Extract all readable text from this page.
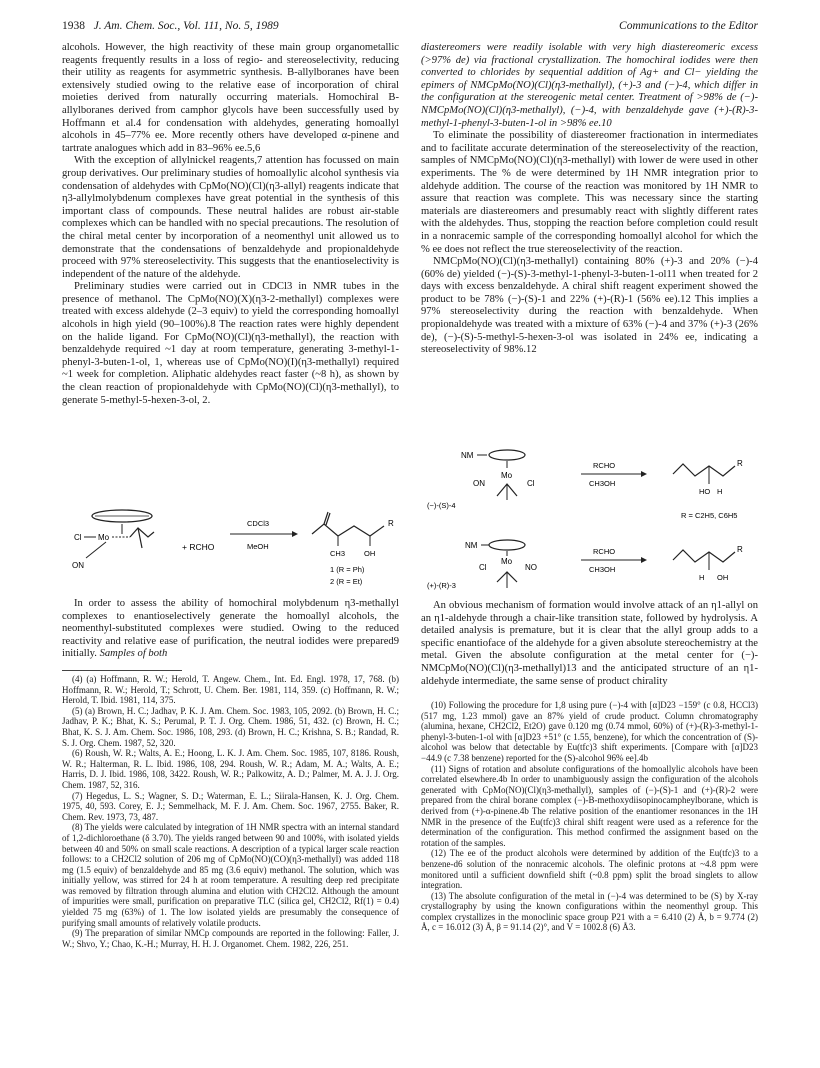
1938 J. Am. Chem. Soc., Vol. 111, No. 5, 1989	Communications to the Editor

alcohols. However, the high reactivity of these main group organometallic reagents frequently results in a loss of regio- and stereoselectivity, reducing their utility as reagents for asymmetric synthesis. B-allylboranes have been extensively studied owing to the relative ease of incorporation of chiral moieties derived from naturally occurring materials. Homochiral B-allylboranes derived from camphor glycols have been successfully used by Hoffmann et al.4 for condensation with aldehydes, generating homoallyl alcohols in 45–77% ee. More recently others have developed α-pinene and tartrate analogues which add in 83–96% ee.5,6

With the exception of allylnickel reagents,7 attention has focussed on main group derivatives. Our preliminary studies of homoallylic alcohol synthesis via condensation of aldehydes with CpMo(NO)(Cl)(η3-allyl) reagents indicate that η3-allylmolybdenum complexes have great potential in the synthesis of this important class of compounds. These neutral halides are robust air-stable complexes which can be handled with no special precautions. The resolution of the chiral metal center by incorporation of a neomenthyl unit allowed us to demonstrate that the condensations of benzaldehyde and propionaldehyde proceed with 97% stereoselectivity. This suggests that the enantioselectivity is independent of the nature of the aldehyde.

Preliminary studies were carried out in CDCl3 in NMR tubes in the presence of methanol. The CpMo(NO)(X)(η3-2-methallyl) complexes were treated with excess aldehyde (2–3 equiv) to yield the corresponding homoallyl alcohols in high yield (90–100%).8 The reaction rates were highly dependent on the halide ligand. For CpMo(NO)(Cl)(η3-methallyl), the reaction with benzaldehyde required ~1 day at room temperature, generating 3-methyl-1-phenyl-3-buten-1-ol, 1, whereas use of CpMo(NO)(I)(η3-methallyl) required ~1 week for completion. Aliphatic aldehydes react faster (~8 h), as shown by the clean reaction of propionaldehyde with CpMo(NO)(Cl)(η3-methallyl), to generate 5-methyl-5-hexen-3-ol, 2.

Cl Mo
ON
+ RCHO
CDCl3
MeOH
R
CH3	OH
1 (R = Ph)
2 (R = Et)

In order to assess the ability of homochiral molybdenum η3-methallyl complexes to enantioselectively generate the homoallyl alcohols, the neomenthyl-substituted complexes were studied. Owing to the reduced reactivity and relative ease of purification, the neutral iodides were prepared9 initially. Samples of both

(4) (a) Hoffmann, R. W.; Herold, T. Angew. Chem., Int. Ed. Engl. 1978, 17, 768. (b) Hoffmann, R. W.; Herold, T.; Schrott, U. Chem. Ber. 1981, 114, 359. (c) Hoffmann, R. W.; Herold, T. Ibid. 1981, 114, 375.

(5) (a) Brown, H. C.; Jadhav, P. K. J. Am. Chem. Soc. 1983, 105, 2092. (b) Brown, H. C.; Jadhav, P. K.; Bhat, K. S.; Perumal, P. T. J. Org. Chem. 1986, 51, 432. (c) Brown, H. C.; Bhat, K. S. J. Am. Chem. Soc. 1986, 108, 293. (d) Brown, H. C.; Krishna, S. B.; Randad, R. S. J. Org. Chem. 1987, 52, 320.

(6) Roush, W. R.; Walts, A. E.; Hoong, L. K. J. Am. Chem. Soc. 1985, 107, 8186. Roush, W. R.; Halterman, R. L. Ibid. 1986, 108, 294. Roush, W. R.; Adam, M. A.; Walts, A. E.; Harris, D. J. Ibid. 1986, 108, 3422. Roush, W. R.; Palkowitz, A. D.; Palmer, M. A. J. J. Org. Chem. 1987, 52, 316.

(7) Hegedus, L. S.; Wagner, S. D.; Waterman, E. L.; Siirala-Hansen, K. J. Org. Chem. 1975, 40, 593. Corey, E. J.; Semmelhack, M. F. J. Am. Chem. Soc. 1967, 2755. Baker, R. Chem. Rev. 1973, 73, 487.

(8) The yields were calculated by integration of 1H NMR spectra with an internal standard of 1,2-dichloroethane (δ 3.70). The yields ranged between 90 and 100%, with isolated yields between 40 and 50% on small scale reactions. A description of a typical larger scale reaction follows: to a CH2Cl2 solution of 206 mg of CpMo(NO)(CO)(η3-methallyl) was added 118 mg (1.5 equiv) of benzaldehyde and 85 mg (3.6 equiv) methanol. The solution, which was initially yellow, was stirred for 24 h at room temperature. A resulting deep red precipitate was removed by filtration through alumina and elution with CH2Cl2. Although the amount of impurities were small, purification on preparative TLC (silica gel, CH2Cl2, Rf(1) = 0.4) yielded 75 mg (63%) of 1. The low isolated yields are presumably the consequence of purifying small amounts of relatively volatile products.

(9) The preparation of similar NMCp compounds are reported in the following: Faller, J. W.; Shvo, Y.; Chao, K.-H.; Murray, H. H. J. Organomet. Chem. 1982, 226, 251.

diastereomers were readily isolable with very high diastereomeric excess (>97% de) via fractional crystallization. The homochiral iodides were then converted to chlorides by sequential addition of Ag+ and Cl− yielding the epimers of NMCpMo(NO)(Cl)(η3-methallyl), (+)-3 and (−)-4, which differ in the configuration at the stereogenic metal center. Treatment of >98% de (−)-NMCpMo(NO)(Cl)(η3-methallyl), (−)-4, with benzaldehyde gave (+)-(R)-3-methyl-1-phenyl-3-buten-1-ol in >98% ee.10

To eliminate the possibility of diastereomer fractionation in intermediates and to facilitate accurate determination of the stereoselectivity of the reaction, samples of NMCpMo(NO)(Cl)(η3-methallyl) with lower de were used in other experiments. The % de were determined by 1H NMR integration prior to aldehyde addition. The course of the reaction was monitored by 1H NMR to assure that reaction was complete. This was necessary since the starting materials are diastereomers and presumably react with slightly different rates with the aldehydes. Thus, stopping the reaction before completion could result in a nonracemic sample of the corresponding homoallyl alcohol for which the % ee does not reflect the true stereoselectivity of the reaction.

NMCpMo(NO)(Cl)(η3-methallyl) containing 80% (+)-3 and 20% (−)-4 (60% de) yielded (−)-(S)-3-methyl-1-phenyl-3-buten-1-ol11 when treated for 2 days with excess benzaldehyde. A chiral shift reagent experiment showed the product to be 78% (−)-(S)-1 and 22% (+)-(R)-1 (56% ee).12 This implies a 97% stereoselectivity during the reaction with benzaldehyde. When propionaldehyde was treated with a mixture of 63% (−)-4 and 37% (+)-3 (26% de), (−)-(S)-5-methyl-5-hexen-3-ol was isolated in 24% ee, indicating a stereoselectivity of 98%.12

NM
Mo
ON	Cl
(−)-(S)-4
RCHO
CH3OH
R
HO H
R = C2H5, C6H5
NM
Mo
Cl	NO
(+)-(R)-3
RCHO
CH3OH
R
H OH

An obvious mechanism of formation would involve attack of an η1-allyl on an η1-aldehyde through a chair-like transition state, followed by hydrolysis. A detailed analysis is premature, but it is clear that the allyl group adds to a specific enantioface of the aldehyde for a given absolute stereochemistry at the metal. Given the absolute configuration at the metal center for (−)-NMCpMo(NO)(Cl)(η3-methallyl)13 and the anticipated structure of an η1-aldehyde intermediate, the same sense of product chirality

(10) Following the procedure for 1,8 using pure (−)-4 with [α]D23 −159° (c 0.8, HCCl3) (517 mg, 1.23 mmol) gave an 87% yield of crude product. Column chromatography (alumina, hexane, CH2Cl2, Et2O) gave 0.120 mg (0.74 mmol, 60%) of (+)-(R)-3-methyl-1-phenyl-3-buten-1-ol with [α]D23 +51° (c 1.55, benzene), for which the concentration of (S)-alcohol was below that detectable by Eu(tfc)3 shift experiments. [Compare with [α]D23 −44.9 (c 7.38 benzene) reported for the (S)-alcohol 96% ee].4b

(11) Signs of rotation and absolute configurations of the homoallylic alcohols have been correlated elsewhere.4b In order to unambiguously assign the configuration of the alcohols generated with CpMo(NO)(Cl)(η3-methallyl), samples of (−)-(S)-1 and (+)-(R)-2 were prepared from the chiral borane complex (−)-B-methoxydiisopinocampheylborane, which is derived from (+)-α-pinene.4b The relative position of the enantiomer resonances in the 1H NMR in the presence of the Eu(tfc)3 chiral shift reagent were used as a reference for the determination of the configuration. This method confirmed the assignment based on the rotation of the samples.

(12) The ee of the product alcohols were determined by addition of the Eu(tfc)3 to a benzene-d6 solution of the nonracemic alcohols. The olefinic protons at ~4.8 ppm were monitored until a sufficient downfield shift (~0.8 ppm) split the broad singlets to allow integration.

(13) The absolute configuration of the metal in (−)-4 was determined to be (S) by X-ray crystallography by using the known configurations within the neomenthyl group. This complex crystallizes in the monoclinic space group P21 with a = 6.410 (2) Å, b = 9.774 (2) Å, c = 16.012 (3) Å, β = 91.14 (2)°, and V = 1002.8 (6) Å3.
